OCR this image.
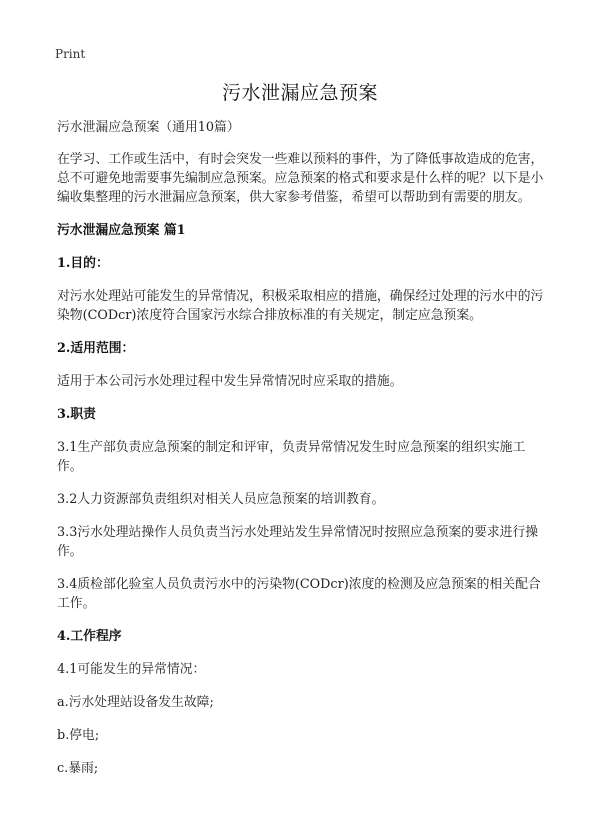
Print
污水泄漏应急预案

污水泄漏应急预案（通用10篇）

在学习、工作或生活中，有时会突发一些难以预料的事件，为了降低事故造成的危害，总不可避免地需要事先编制应急预案。应急预案的格式和要求是什么样的呢？以下是小编收集整理的污水泄漏应急预案，供大家参考借鉴，希望可以帮助到有需要的朋友。

污水泄漏应急预案 篇1

1.目的：

对污水处理站可能发生的异常情况，积极采取相应的措施，确保经过处理的污水中的污染物(CODcr)浓度符合国家污水综合排放标准的有关规定，制定应急预案。

2.适用范围：

适用于本公司污水处理过程中发生异常情况时应采取的措施。

3.职责

3.1生产部负责应急预案的制定和评审，负责异常情况发生时应急预案的组织实施工作。

3.2人力资源部负责组织对相关人员应急预案的培训教育。

3.3污水处理站操作人员负责当污水处理站发生异常情况时按照应急预案的要求进行操作。

3.4质检部化验室人员负责污水中的污染物(CODcr)浓度的检测及应急预案的相关配合工作。

4.工作程序

4.1可能发生的异常情况：

a.污水处理站设备发生故障;

b.停电;

c.暴雨;
